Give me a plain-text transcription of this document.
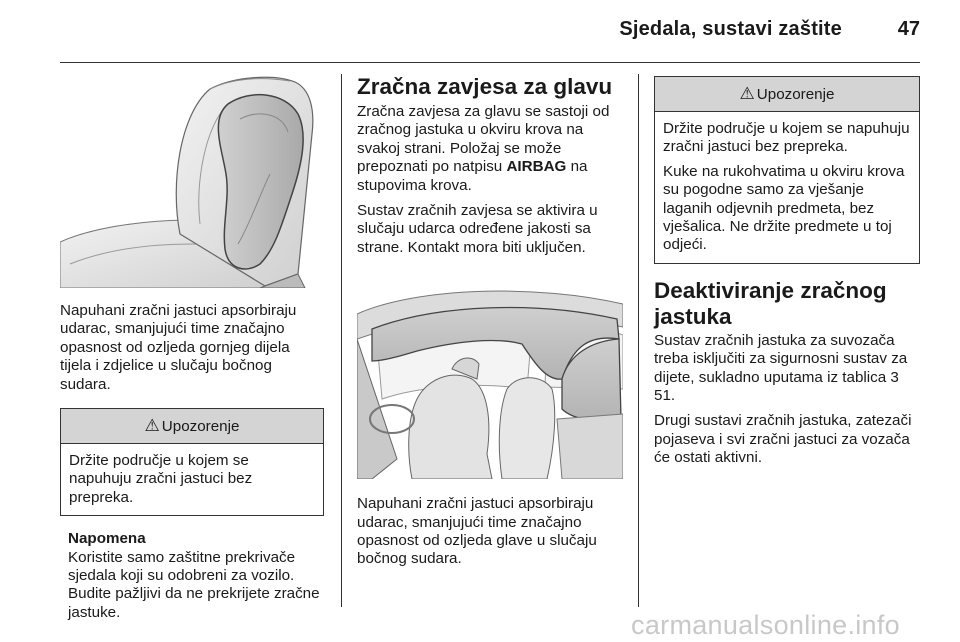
Sjedala, sustavi zaštite	47

Napuhani zračni jastuci apsorbiraju udarac, smanjujući time značajno opasnost od ozljeda gornjeg dijela tijela i zdjelice u slučaju bočnog sudara.

⚠ Upozorenje

Držite područje u kojem se napuhuju zračni jastuci bez prepreka.

Napomena

Koristite samo zaštitne prekrivače sjedala koji su odobreni za vozilo. Budite pažljivi da ne prekrijete zračne jastuke.

Zračna zavjesa za glavu

Zračna zavjesa za glavu se sastoji od zračnog jastuka u okviru krova na svakoj strani. Položaj se može prepoznati po natpisu AIRBAG na stupovima krova.

Sustav zračnih zavjesa se aktivira u slučaju udarca određene jakosti sa strane. Kontakt mora biti uključen.

Napuhani zračni jastuci apsorbiraju udarac, smanjujući time značajno opasnost od ozljeda glave u slučaju bočnog sudara.

⚠ Upozorenje

Držite područje u kojem se napuhuju zračni jastuci bez prepreka.

Kuke na rukohvatima u okviru krova su pogodne samo za vješanje laganih odjevnih predmeta, bez vješalica. Ne držite predmete u toj odjeći.

Deaktiviranje zračnog jastuka

Sustav zračnih jastuka za suvozača treba isključiti za sigurnosni sustav za dijete, sukladno uputama iz tablica 3 51.

Drugi sustavi zračnih jastuka, zatezači pojaseva i svi zračni jastuci za vozača će ostati aktivni.

carmanualsonline.info
